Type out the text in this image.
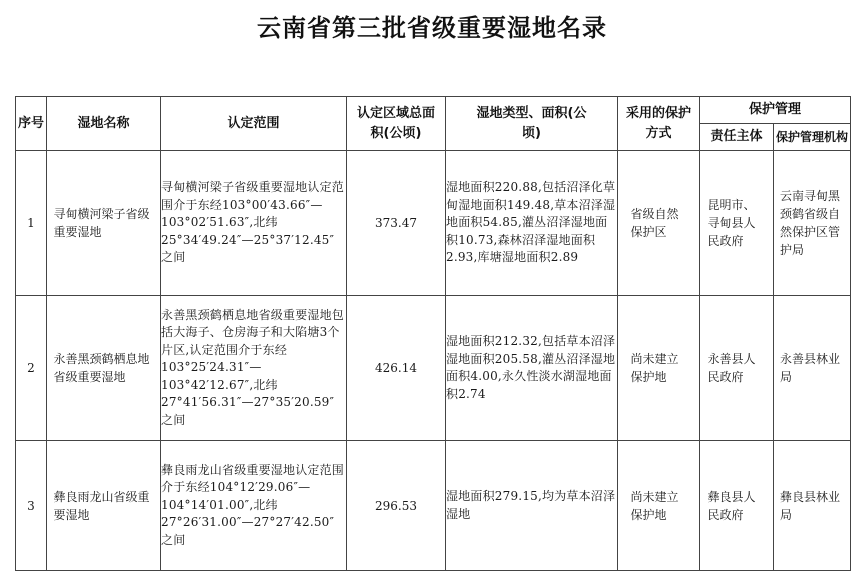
云南省第三批省级重要湿地名录
序号	湿地名称	认定范围	认定区域总面积(公顷)	湿地类型、面积(公顷)	采用的保护方式	保护管理	
						责任主体	保护管理机构
1	寻甸横河梁子省级重要湿地	寻甸横河梁子省级重要湿地认定范围介于东经103°00′43.66″—103°02′51.63″,北纬25°34′49.24″—25°37′12.45″之间	373.47	湿地面积220.88,包括沼泽化草甸湿地面积149.48,草本沼泽湿地面积54.85,灌丛沼泽湿地面积10.73,森林沼泽湿地面积2.93,库塘湿地面积2.89	省级自然保护区	昆明市、寻甸县人民政府	云南寻甸黑颈鹤省级自然保护区管护局
2	永善黑颈鹤栖息地省级重要湿地	永善黑颈鹤栖息地省级重要湿地包括大海子、仓房海子和大陷塘3个片区,认定范围介于东经103°25′24.31″—103°42′12.67″,北纬27°41′56.31″—27°35′20.59″之间	426.14	湿地面积212.32,包括草本沼泽湿地面积205.58,灌丛沼泽湿地面积4.00,永久性淡水湖湿地面积2.74	尚未建立保护地	永善县人民政府	永善县林业局
3	彝良雨龙山省级重要湿地	彝良雨龙山省级重要湿地认定范围介于东经104°12′29.06″—104°14′01.00″,北纬27°26′31.00″—27°27′42.50″之间	296.53	湿地面积279.15,均为草本沼泽湿地	尚未建立保护地	彝良县人民政府	彝良县林业局
